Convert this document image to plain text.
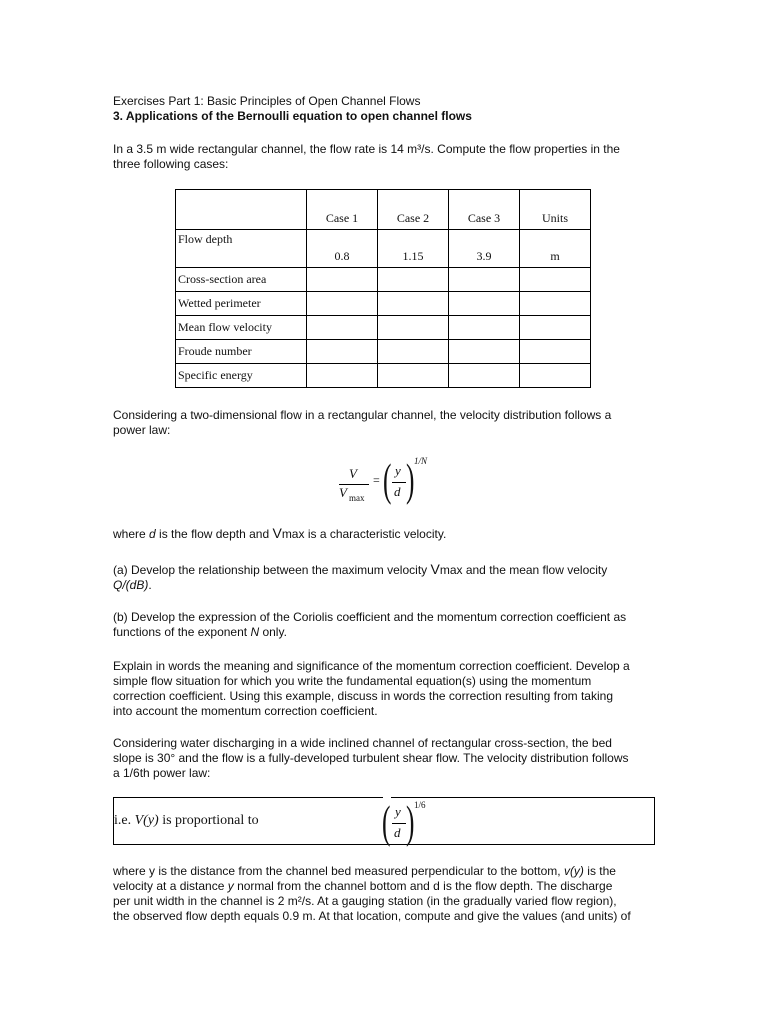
Exercises Part 1: Basic Principles of Open Channel Flows
3. Applications of the Bernoulli equation to open channel flows
In a 3.5 m wide rectangular channel, the flow rate is 14 m³/s. Compute the flow properties in the
three following cases:
	Case 1	Case 2	Case 3	Units
Flow depth	0.8	1.15	3.9	m
Cross-section area				
Wetted perimeter				
Mean flow velocity				
Froude number				
Specific energy				
Considering a two-dimensional flow in a rectangular channel, the velocity distribution follows a
power law:
V
V max
= ( y
d ) 1/N
where d is the flow depth and Vmax is a characteristic velocity.
(a) Develop the relationship between the maximum velocity Vmax and the mean flow velocity
Q/(dB).
(b) Develop the expression of the Coriolis coefficient and the momentum correction coefficient as
functions of the exponent N only.
Explain in words the meaning and significance of the momentum correction coefficient. Develop a
simple flow situation for which you write the fundamental equation(s) using the momentum
correction coefficient. Using this example, discuss in words the correction resulting from taking
into account the momentum correction coefficient.
Considering water discharging in a wide inclined channel of rectangular cross-section, the bed
slope is 30° and the flow is a fully-developed turbulent shear flow. The velocity distribution follows
a 1/6th power law:
i.e. V(y) is proportional to	( y
d ) 1/6
where y is the distance from the channel bed measured perpendicular to the bottom, v(y) is the
velocity at a distance y normal from the channel bottom and d is the flow depth. The discharge
per unit width in the channel is 2 m²/s. At a gauging station (in the gradually varied flow region),
the observed flow depth equals 0.9 m. At that location, compute and give the values (and units) of
